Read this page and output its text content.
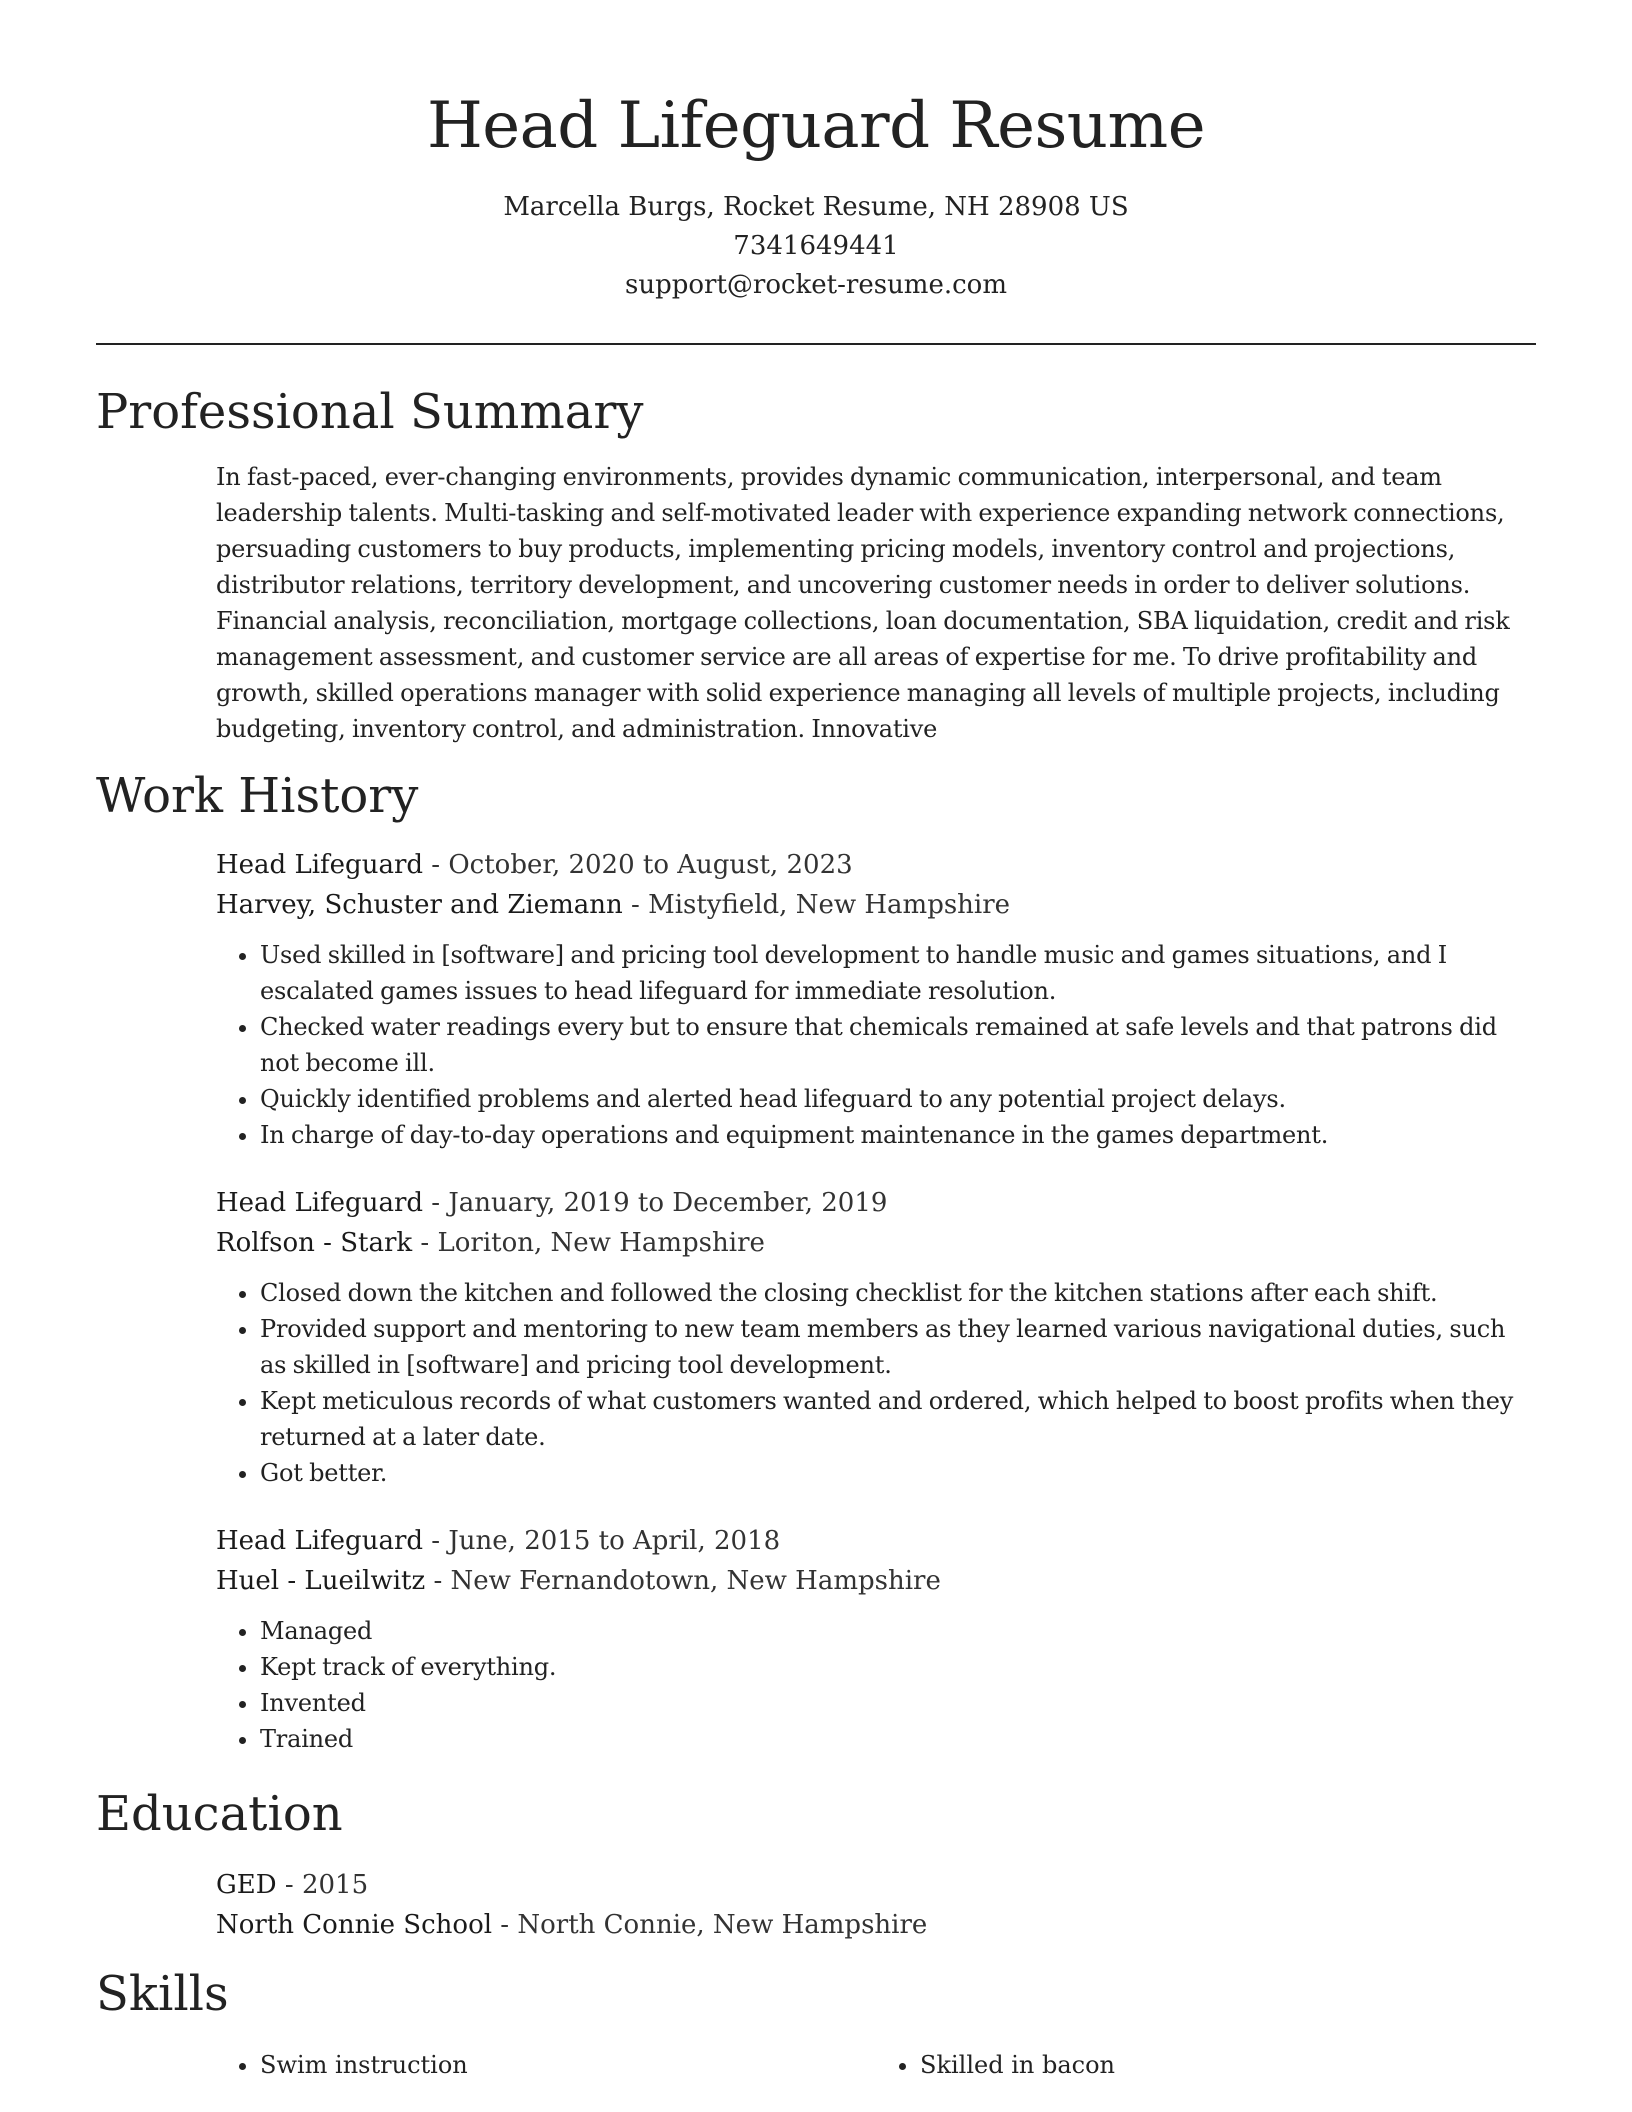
Head Lifeguard Resume
Marcella Burgs, Rocket Resume, NH 28908 US
7341649441
support@rocket-resume.com
Professional Summary
In fast-paced, ever-changing environments, provides dynamic communication, interpersonal, and team leadership talents. Multi-tasking and self-motivated leader with experience expanding network connections, persuading customers to buy products, implementing pricing models, inventory control and projections, distributor relations, territory development, and uncovering customer needs in order to deliver solutions. Financial analysis, reconciliation, mortgage collections, loan documentation, SBA liquidation, credit and risk management assessment, and customer service are all areas of expertise for me. To drive profitability and growth, skilled operations manager with solid experience managing all levels of multiple projects, including budgeting, inventory control, and administration. Innovative
Work History
Head Lifeguard - October, 2020 to August, 2023
Harvey, Schuster and Ziemann - Mistyfield, New Hampshire
• Used skilled in [software] and pricing tool development to handle music and games situations, and I escalated games issues to head lifeguard for immediate resolution.
• Checked water readings every but to ensure that chemicals remained at safe levels and that patrons did not become ill.
• Quickly identified problems and alerted head lifeguard to any potential project delays.
• In charge of day-to-day operations and equipment maintenance in the games department.
Head Lifeguard - January, 2019 to December, 2019
Rolfson - Stark - Loriton, New Hampshire
• Closed down the kitchen and followed the closing checklist for the kitchen stations after each shift.
• Provided support and mentoring to new team members as they learned various navigational duties, such as skilled in [software] and pricing tool development.
• Kept meticulous records of what customers wanted and ordered, which helped to boost profits when they returned at a later date.
• Got better.
Head Lifeguard - June, 2015 to April, 2018
Huel - Lueilwitz - New Fernandotown, New Hampshire
• Managed
• Kept track of everything.
• Invented
• Trained
Education
GED - 2015
North Connie School - North Connie, New Hampshire
Skills
• Swim instruction
•	Skilled in bacon
